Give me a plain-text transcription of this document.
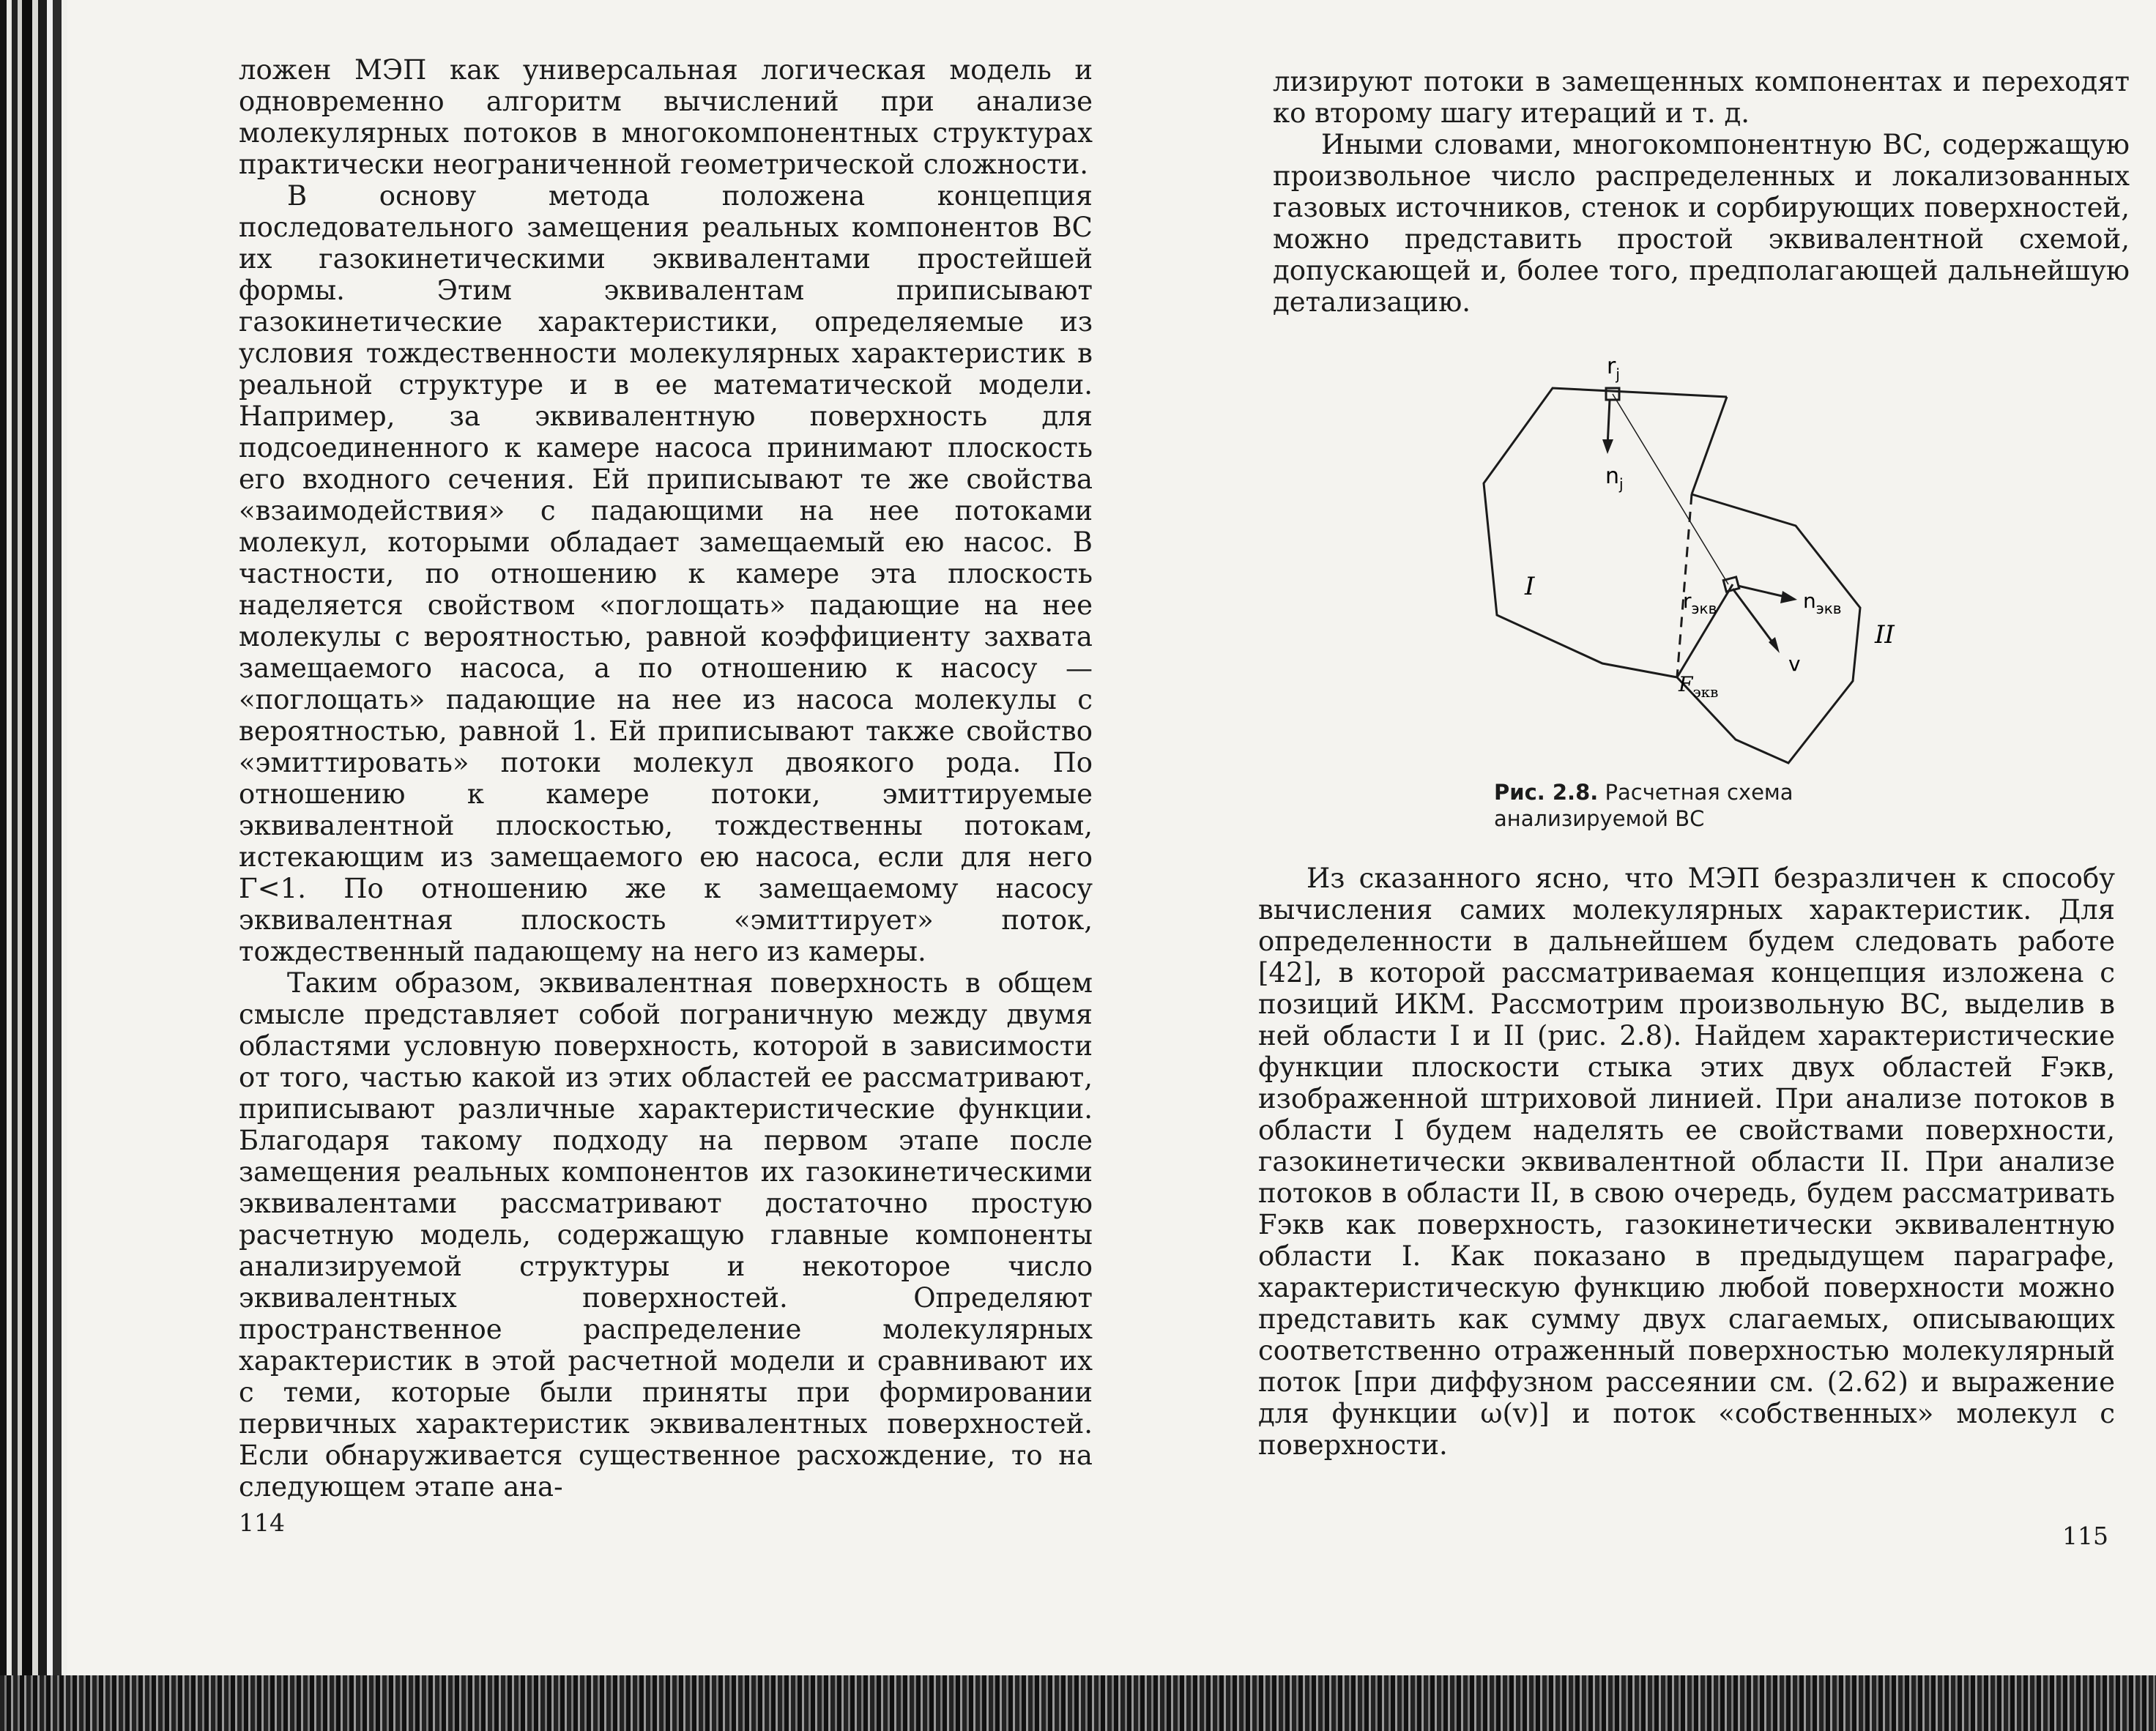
ложен МЭП как универсальная логическая модель и одновременно алгоритм вычислений при анализе молекулярных потоков в многокомпонентных структурах практически неограниченной геометрической сложности.

В основу метода положена концепция последовательного замещения реальных компонентов ВС их газокинетическими эквивалентами простейшей формы. Этим эквивалентам приписывают газокинетические характеристики, определяемые из условия тождественности молекулярных характеристик в реальной структуре и в ее математической модели. Например, за эквивалентную поверхность для подсоединенного к камере насоса принимают плоскость его входного сечения. Ей приписывают те же свойства «взаимодействия» с падающими на нее потоками молекул, которыми обладает замещаемый ею насос. В частности, по отношению к камере эта плоскость наделяется свойством «поглощать» падающие на нее молекулы с вероятностью, равной коэффициенту захвата замещаемого насоса, а по отношению к насосу — «поглощать» падающие на нее из насоса молекулы с вероятностью, равной 1. Ей приписывают также свойство «эмиттировать» потоки молекул двоякого рода. По отношению к камере потоки, эмиттируемые эквивалентной плоскостью, тождественны потокам, истекающим из замещаемого ею насоса, если для него Γ<1. По отношению же к замещаемому насосу эквивалентная плоскость «эмиттирует» поток, тождественный падающему на него из камеры.

Таким образом, эквивалентная поверхность в общем смысле представляет собой пограничную между двумя областями условную поверхность, которой в зависимости от того, частью какой из этих областей ее рассматривают, приписывают различные характеристические функции. Благодаря такому подходу на первом этапе после замещения реальных компонентов их газокинетическими эквивалентами рассматривают достаточно простую расчетную модель, содержащую главные компоненты анализируемой структуры и некоторое число эквивалентных поверхностей. Определяют пространственное распределение молекулярных характеристик в этой расчетной модели и сравнивают их с теми, которые были приняты при формировании первичных характеристик эквивалентных поверхностей. Если обнаруживается существенное расхождение, то на следующем этапе ана-

114

лизируют потоки в замещенных компонентах и переходят ко второму шагу итераций и т. д.

Иными словами, многокомпонентную ВС, содержащую произвольное число распределенных и локализованных газовых источников, стенок и сорбирующих поверхностей, можно представить простой эквивалентной схемой, допускающей и, более того, предполагающей дальнейшую детализацию.

$r_j$
$n_j$
I
II
$r_{экв}$	$n_{экв}$
v
$F_{экв}$
Рис. 2.8. Расчетная схема анализируемой ВС

Из сказанного ясно, что МЭП безразличен к способу вычисления самих молекулярных характеристик. Для определенности в дальнейшем будем следовать работе [42], в которой рассматриваемая концепция изложена с позиций ИКМ. Рассмотрим произвольную ВС, выделив в ней области I и II (рис. 2.8). Найдем характеристические функции плоскости стыка этих двух областей Fэкв, изображенной штриховой линией. При анализе потоков в области I будем наделять ее свойствами поверхности, газокинетически эквивалентной области II. При анализе потоков в области II, в свою очередь, будем рассматривать Fэкв как поверхность, газокинетически эквивалентную области I. Как показано в предыдущем параграфе, характеристическую функцию любой поверхности можно представить как сумму двух слагаемых, описывающих соответственно отраженный поверхностью молекулярный поток [при диффузном рассеянии см. (2.62) и выражение для функции ω(v)] и поток «собственных» молекул с поверхности.

115
